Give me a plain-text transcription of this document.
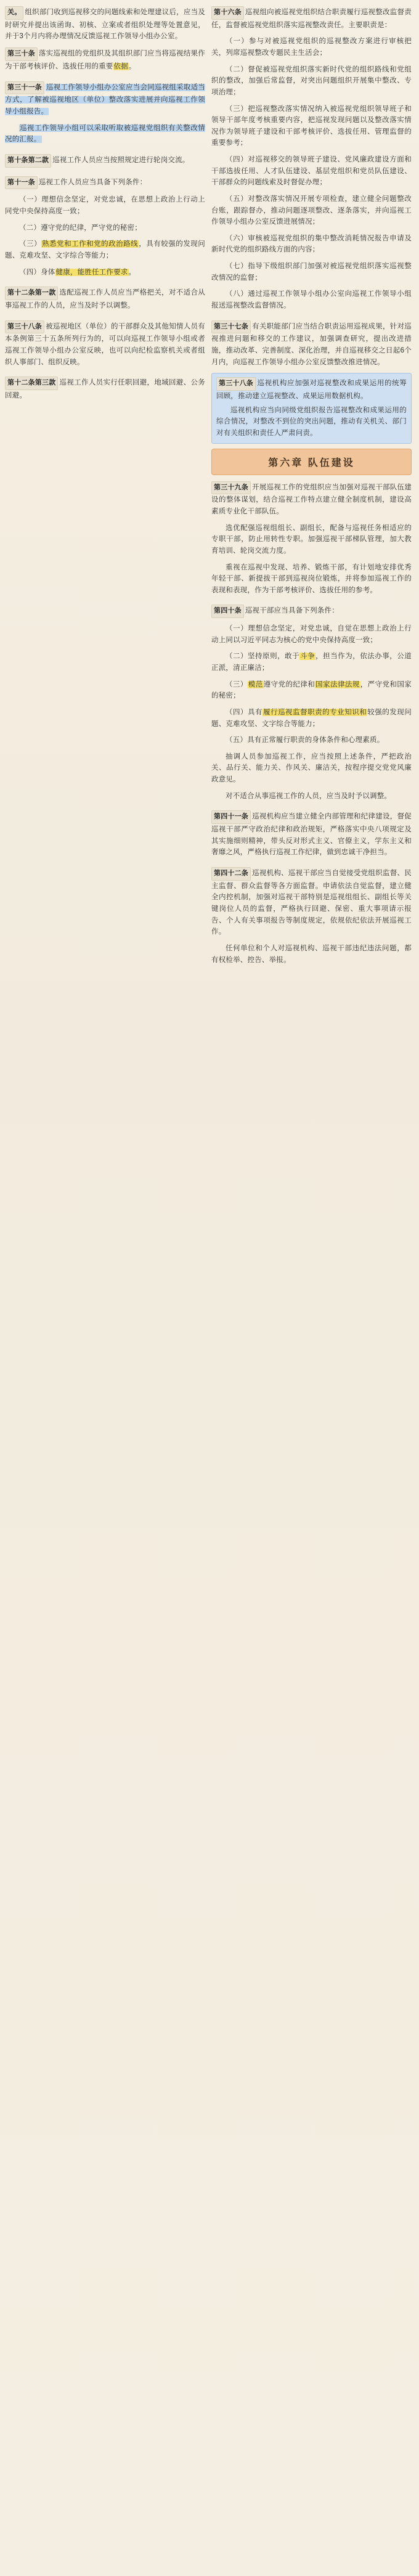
关。 组织部门收到巡视移交的问题线索和处理建议后，应当及时研究并提出该函询、初核、立案或者组织处理等处置意见，并于3个月内将办理情况反馈巡视工作领导小组办公室。

第三十条 落实巡视组的党组织及其组织部门应当将巡视结果作为干部考核评价、选拔任用的重要依据。

第三十一条 巡视工作领导小组办公室应当会同巡视组采取适当方式，了解被巡视地区（单位）整改落实进展并向巡视工作领导小组报告。

巡视工作领导小组可以采取听取被巡视党组织有关整改情况的汇报。

第十条第二款 巡视工作人员应当按照规定进行轮岗交流。

第十一条 巡视工作人员应当具备下列条件：

（一）理想信念坚定，对党忠诚，在思想上政治上行动上同党中央保持高度一致；

（二）遵守党的纪律，严守党的秘密；

（三）熟悉党和工作和党的政治路线，具有较强的发现问题、克难攻坚、文字综合等能力；

（四）身体健康，能胜任工作要求。

第十二条第一款 选配巡视工作人员应当严格把关，对不适合从事巡视工作的人员，应当及时予以调整。

第三十八条 被巡视地区（单位）的干部群众及其他知情人员有本条例第三十五条所列行为的，可以向巡视工作领导小组或者巡视工作领导小组办公室反映，也可以向纪检监察机关或者组织人事部门、组织反映。

第十二条第三款 巡视工作人员实行任职回避，地域回避、公务回避。

第十六条 巡视组向被巡视党组织结合职责履行巡视整改监督责任，监督被巡视党组织落实巡视整改责任。主要职责是：

（一）参与对被巡视党组织的巡视整改方案进行审核把关，列席巡视整改专题民主生活会；

（二）督促被巡视党组织落实新时代党的组织路线和党组织的整改，加强后常监督，对突出问题组织开展集中整改、专项治理；

（三）把巡视整改落实情况纳入被巡视党组织领导班子和领导干部年度考核重要内容，把巡视发现问题以及整改落实情况作为领导班子建设和干部考核评价、选拔任用、管理监督的重要参考；

（四）对巡视移交的领导班子建设、党风廉政建设方面和干部选拔任用、人才队伍建设、基层党组织和党员队伍建设、干部群众的问题线索及时督促办理；

（五）对整改落实情况开展专项检查，建立健全问题整改台账，跟踪督办，推动问题逐项整改、逐条落实，并向巡视工作领导小组办公室反馈进展情况；

（六）审核被巡视党组织的集中整改消耗情况报告申请及新时代党的组织路线方面的内容；

（七）指导下级组织部门加强对被巡视党组织落实巡视整改情况的监督；

（八）通过巡视工作领导小组办公室向巡视工作领导小组报送巡视整改监督情况。

第三十七条 有关职能部门应当结合职责运用巡视成果，针对巡视推进问题和移交的工作建议，加强调查研究，提出改进措施，推动改革、完善制度、深化治理，并自巡视移交之日起6个月内，向巡视工作领导小组办公室反馈整改推进情况。

第三十八条 巡视机构应加强对巡视整改和成果运用的统筹回顾，推动建立巡视整改、成果运用数据机构。

巡视机构应当向同级党组织报告巡视整改和成果运用的综合情况，对整改不到位的突出问题，推动有关机关、部门对有关组织和责任人严肃问责。

第六章 队伍建设

第三十九条 开展巡视工作的党组织应当加强对巡视干部队伍建设的整体谋划，结合巡视工作特点建立健全制度机制，建设高素质专业化干部队伍。

选优配强巡视组组长、副组长，配备与巡视任务相适应的专职干部，防止用转性专职。加强巡视干部梯队管理，加大教育培训、轮岗交流力度。

重视在巡视中发现、培养、锻炼干部，有计划地安排优秀年轻干部、新提拔干部到巡视岗位锻炼，并将参加巡视工作的表现和表现，作为干部考核评价、选拔任用的参考。

第四十条 巡视干部应当具备下列条件：

（一）理想信念坚定，对党忠诚，自觉在思想上政治上行动上同以习近平同志为核心的党中央保持高度一致；

（二）坚持原则，敢于斗争，担当作为，依法办事，公道正派，清正廉洁；

（三）模范遵守党的纪律和国家法律法规，严守党和国家的秘密；

（四）具有履行巡视监督职责的专业知识和较强的发现问题、克难攻坚、文字综合等能力；

（五）具有正常履行职责的身体条件和心理素质。

抽调人员参加巡视工作，应当按照上述条件，严把政治关、品行关、能力关、作风关、廉洁关，按程序提交党党风廉政意见。

对不适合从事巡视工作的人员，应当及时予以调整。

第四十一条 巡视机构应当建立健全内部管理和纪律建设，督促巡视干部严守政治纪律和政治规矩，严格落实中央八项规定及其实施细则精神，带头反对形式主义、官僚主义，学东主义和奢靡之风，严格执行巡视工作纪律，做到忠诚干净担当。

第四十二条 巡视机构、巡视干部应当自觉接受党组织监督、民主监督、群众监督等各方面监督。申请依法自觉监督，建立健全内控机制，加强对巡视干部特别是巡视组组长、副组长等关键岗位人员的监督，严格执行回避、保密、重大事项请示报告、个人有关事项报告等制度规定，依规依纪依法开展巡视工作。

任何单位和个人对巡视机构、巡视干部违纪违法问题，都有权检举、控告、举报。
